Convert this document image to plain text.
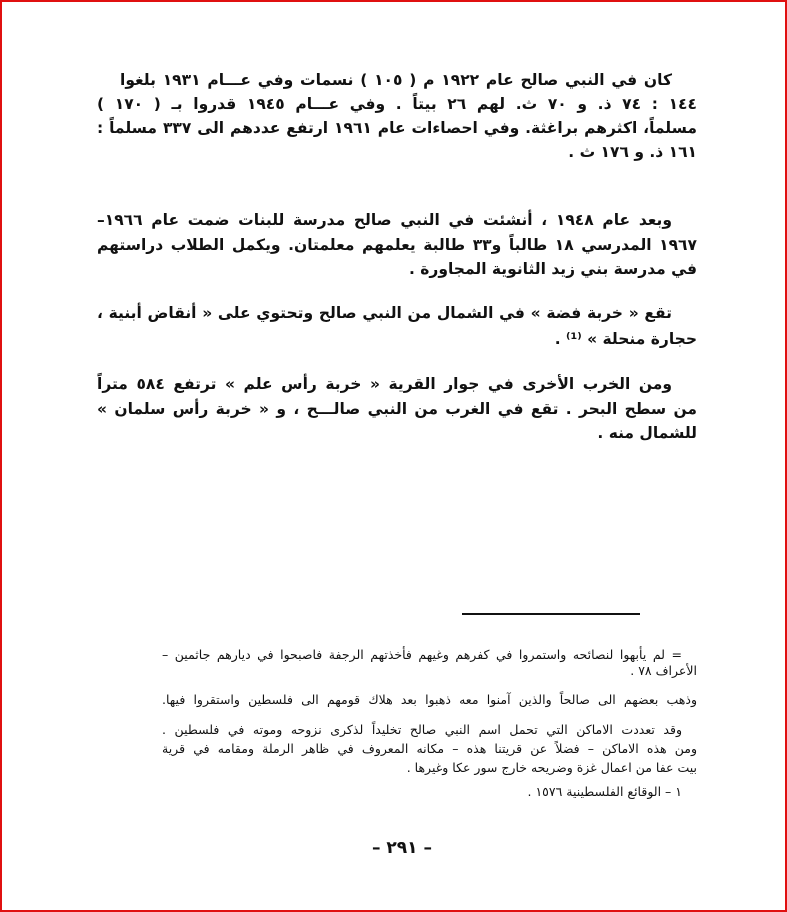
كان في النبي صالح عام ١٩٢٢ م ( ١٠٥ ) نسمات وفي عـــام ١٩٣١ بلغوا
١٤٤ : ٧٤ ذ. و ٧٠ ث. لهم ٢٦ بيتاً . وفي عـــام ١٩٤٥ قدروا بـ ( ١٧٠ )
مسلماً، اكثرهم براغثة. وفي احصاءات عام ١٩٦١ ارتفع عددهم الى ٣٣٧ مسلماً :
١٦١ ذ. و ١٧٦ ث .
وبعد عام ١٩٤٨ ، أنشئت في النبي صالح مدرسة للبنات ضمت عام ١٩٦٦–
١٩٦٧ المدرسي ١٨ طالباً و٣٣ طالبة يعلمهم معلمتان. ويكمل الطلاب دراستهم
في مدرسة بني زيد الثانوية المجاورة .
تقع « خربة فضة » في الشمال من النبي صالح وتحتوي على « أنقاض أبنية ،
حجارة منحلة » ⁽¹⁾ .
ومن الخرب الأخرى في جوار القرية « خربة رأس علم » ترتفع ٥٨٤ متراً
من سطح البحر . تقع في الغرب من النبي صالـــح ، و « خربة رأس سلمان »
للشمال منه .
= لم يأبهوا لنصائحه واستمروا في كفرهم وغيهم فأخذتهم الرجفة فاصبحوا في ديارهم جاثمين –
الأعراف ٧٨ .
وذهب بعضهم الى صالحاً والذين آمنوا معه ذهبوا بعد هلاك قومهم الى فلسطين واستقروا فيها.
وقد تعددت الاماكن التي تحمل اسم النبي صالح تخليداً لذكرى نزوحه وموته في فلسطين .
ومن هذه الاماكن – فضلاً عن قريتنا هذه – مكانه المعروف في ظاهر الرملة ومقامه في قرية
بيت عفا من اعمال غزة وضريحه خارج سور عكا وغيرها .
١ – الوقائع الفلسطينية ١٥٧٦ .
– ٢٩١ –
